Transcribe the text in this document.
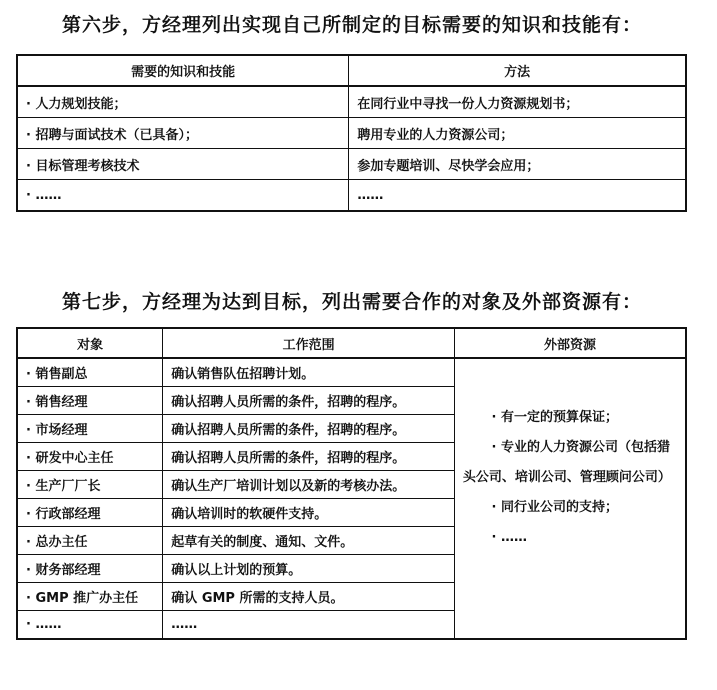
第六步，方经理列出实现自己所制定的目标需要的知识和技能有：
需要的知识和技能	方法
· 人力规划技能；	在同行业中寻找一份人力资源规划书；
· 招聘与面试技术（已具备）；	聘用专业的人力资源公司；
· 目标管理考核技术	参加专题培训、尽快学会应用；
· ……	……
第七步，方经理为达到目标，列出需要合作的对象及外部资源有：
对象	工作范围	外部资源
· 销售副总	确认销售队伍招聘计划。	· 有一定的预算保证；

· 专业的人力资源公司（包括猎头公司、培训公司、管理顾问公司）

· 同行业公司的支持；

· ……

· 销售经理	确认招聘人员所需的条件，招聘的程序。	
· 市场经理	确认招聘人员所需的条件，招聘的程序。	
· 研发中心主任	确认招聘人员所需的条件，招聘的程序。	
· 生产厂厂长	确认生产厂培训计划以及新的考核办法。	
· 行政部经理	确认培训时的软硬件支持。	
· 总办主任	起草有关的制度、通知、文件。	
· 财务部经理	确认以上计划的预算。	
· GMP 推广办主任	确认 GMP 所需的支持人员。	
· ……	……	
